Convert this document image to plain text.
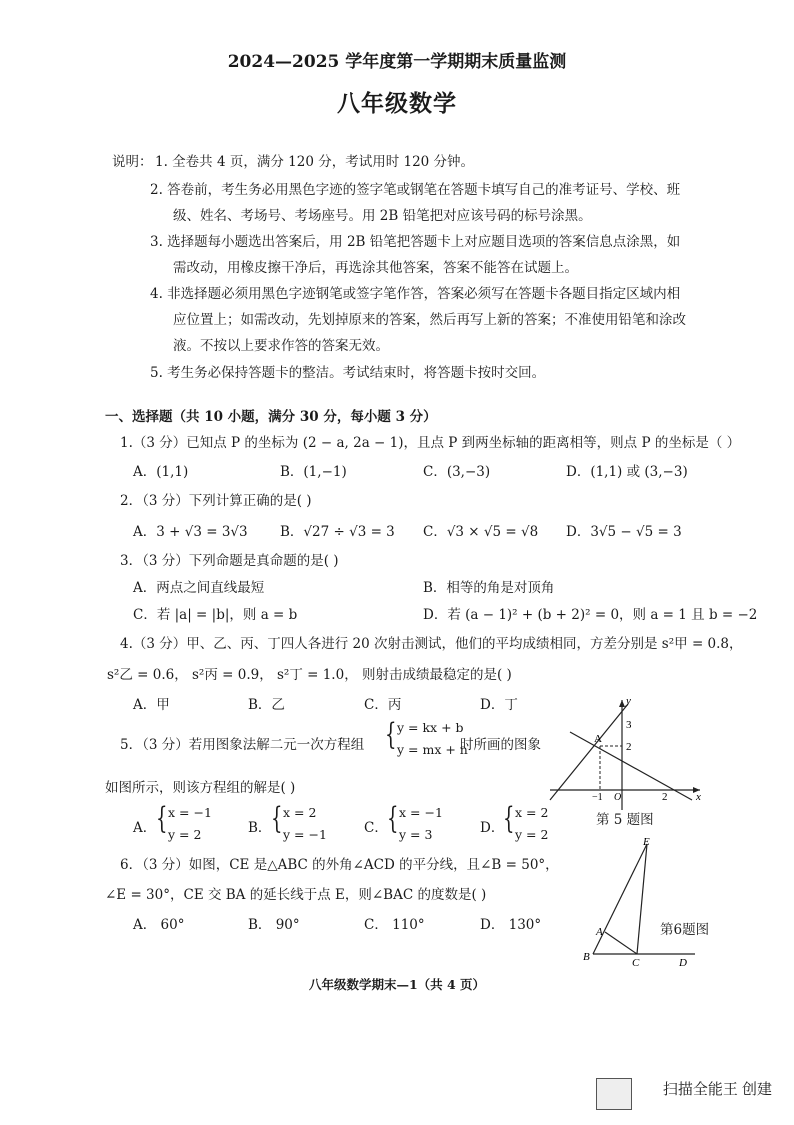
2024—2025 学年度第一学期期末质量监测
八年级数学
说明： 1. 全卷共 4 页，满分 120 分，考试用时 120 分钟。
2. 答卷前，考生务必用黑色字迹的签字笔或钢笔在答题卡填写自己的准考证号、学校、班
级、姓名、考场号、考场座号。用 2B 铅笔把对应该号码的标号涂黑。
3. 选择题每小题选出答案后，用 2B 铅笔把答题卡上对应题目选项的答案信息点涂黑，如
需改动，用橡皮擦干净后，再选涂其他答案，答案不能答在试题上。
4. 非选择题必须用黑色字迹钢笔或签字笔作答，答案必须写在答题卡各题目指定区域内相
应位置上；如需改动，先划掉原来的答案，然后再写上新的答案；不准使用铅笔和涂改
液。不按以上要求作答的答案无效。
5. 考生务必保持答题卡的整洁。考试结束时，将答题卡按时交回。
一、选择题（共 10 小题，满分 30 分，每小题 3 分）
1.（3 分）已知点 P 的坐标为 (2 − a, 2a − 1)，且点 P 到两坐标轴的距离相等，则点 P 的坐标是（ ）
A．(1,1)	B．(1,−1)	C．(3,−3)	D．(1,1) 或 (3,−3)
2．（3 分）下列计算正确的是( )
A．3 + √3 = 3√3 B．√27 ÷ √3 = 3 C．√3 × √5 = √8 D．3√5 − √5 = 3
3．（3 分）下列命题是真命题的是( )
A．两点之间直线最短	B．相等的角是对顶角
C．若 |a| = |b|，则 a = b	D．若 (a − 1)² + (b + 2)² = 0，则 a = 1 且 b = −2
4.（3 分）甲、乙、丙、丁四人各进行 20 次射击测试，他们的平均成绩相同，方差分别是 s²甲 = 0.8，
s²乙 = 0.6， s²丙 = 0.9， s²丁 = 1.0， 则射击成绩最稳定的是( )
A．甲	B．乙	C．丙	D．丁
5．（3 分）若用图象法解二元一次方程组 { y = kx + b
y = mx + n
时所画的图象
如图所示，则该方程组的解是( )
A． { x = −1
y = 2	B． { x = 2
y = −1	C． { x = −1
y = 3	D．
{ x = 2
y = 2
y
x
A
3
2
−1 O	2
第 5 题图
6．（3 分）如图，CE 是△ABC 的外角∠ACD 的平分线，且∠B = 50°，
∠E = 30°，CE 交 BA 的延长线于点 E，则∠BAC 的度数是( )
A． 60°	B． 90°	C． 110°	D． 130°
E
A
B	C	D
第6题图
八年级数学期末—1（共 4 页）
扫描全能王 创建
